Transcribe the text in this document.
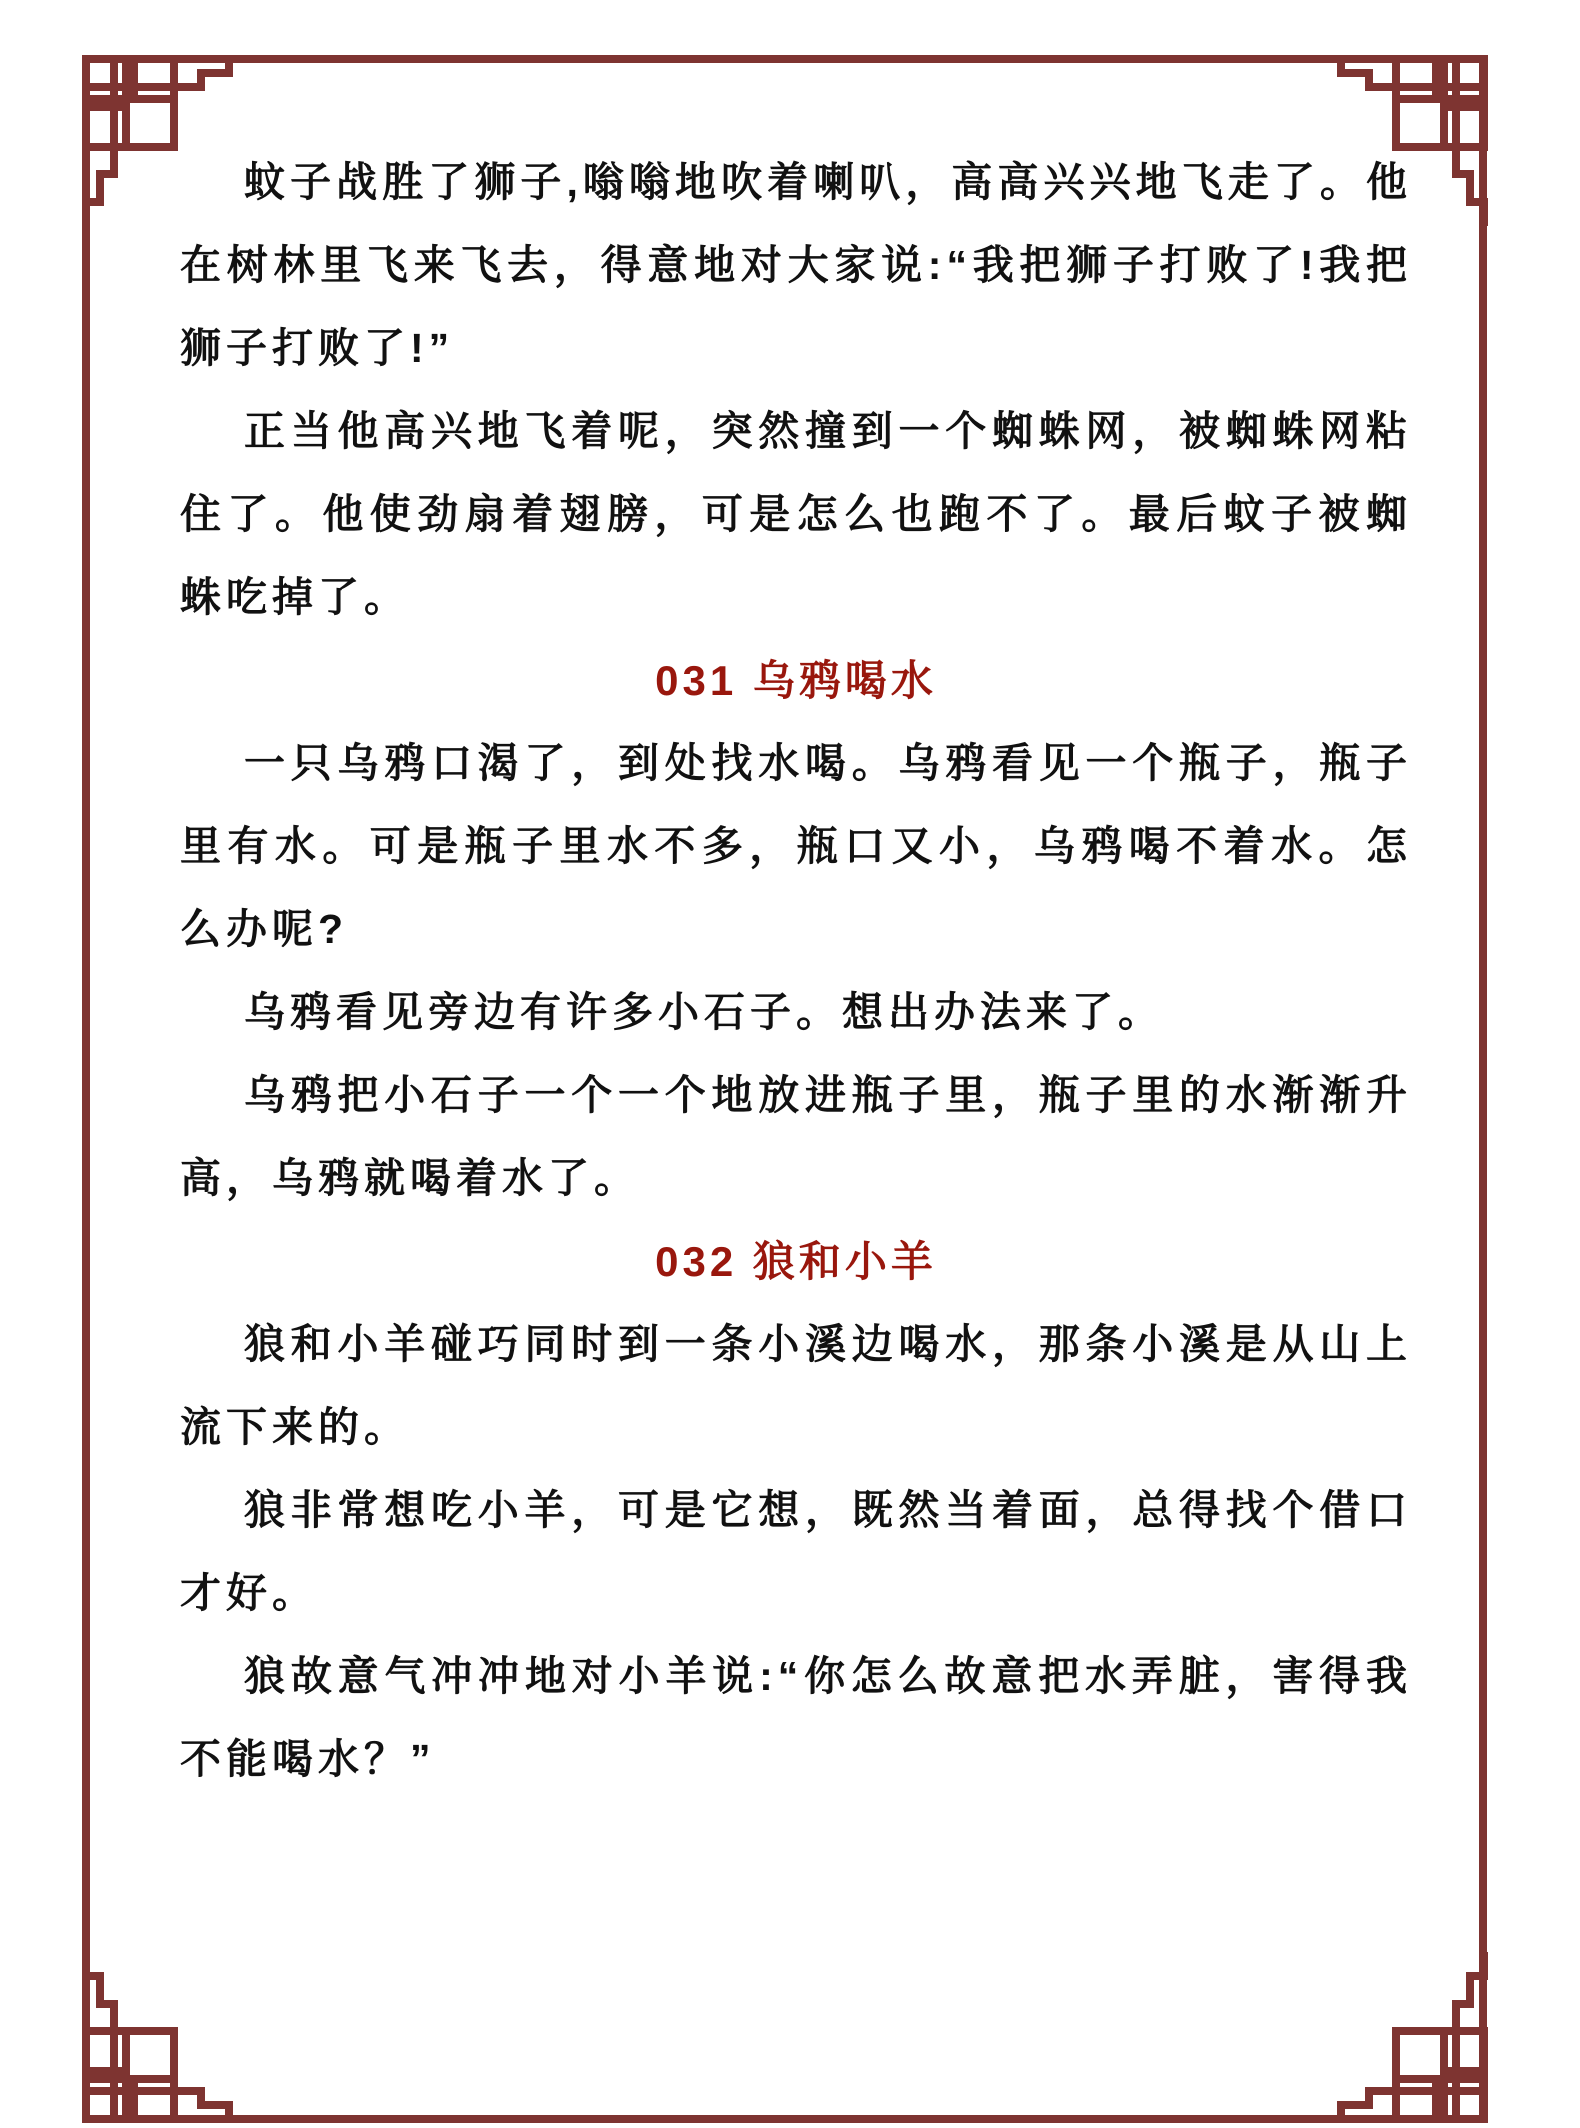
蚊子战胜了狮子,嗡嗡地吹着喇叭，高高兴兴地飞走了。他在树林里飞来飞去，得意地对大家说:“我把狮子打败了!我把狮子打败了!”

正当他高兴地飞着呢，突然撞到一个蜘蛛网，被蜘蛛网粘住了。他使劲扇着翅膀，可是怎么也跑不了。最后蚊子被蜘蛛吃掉了。

031 乌鸦喝水

一只乌鸦口渴了，到处找水喝。乌鸦看见一个瓶子，瓶子里有水。可是瓶子里水不多，瓶口又小，乌鸦喝不着水。怎么办呢?

乌鸦看见旁边有许多小石子。想出办法来了。

乌鸦把小石子一个一个地放进瓶子里，瓶子里的水渐渐升高，乌鸦就喝着水了。

032 狼和小羊

狼和小羊碰巧同时到一条小溪边喝水，那条小溪是从山上流下来的。

狼非常想吃小羊，可是它想，既然当着面，总得找个借口才好。

狼故意气冲冲地对小羊说:“你怎么故意把水弄脏，害得我不能喝水？”
